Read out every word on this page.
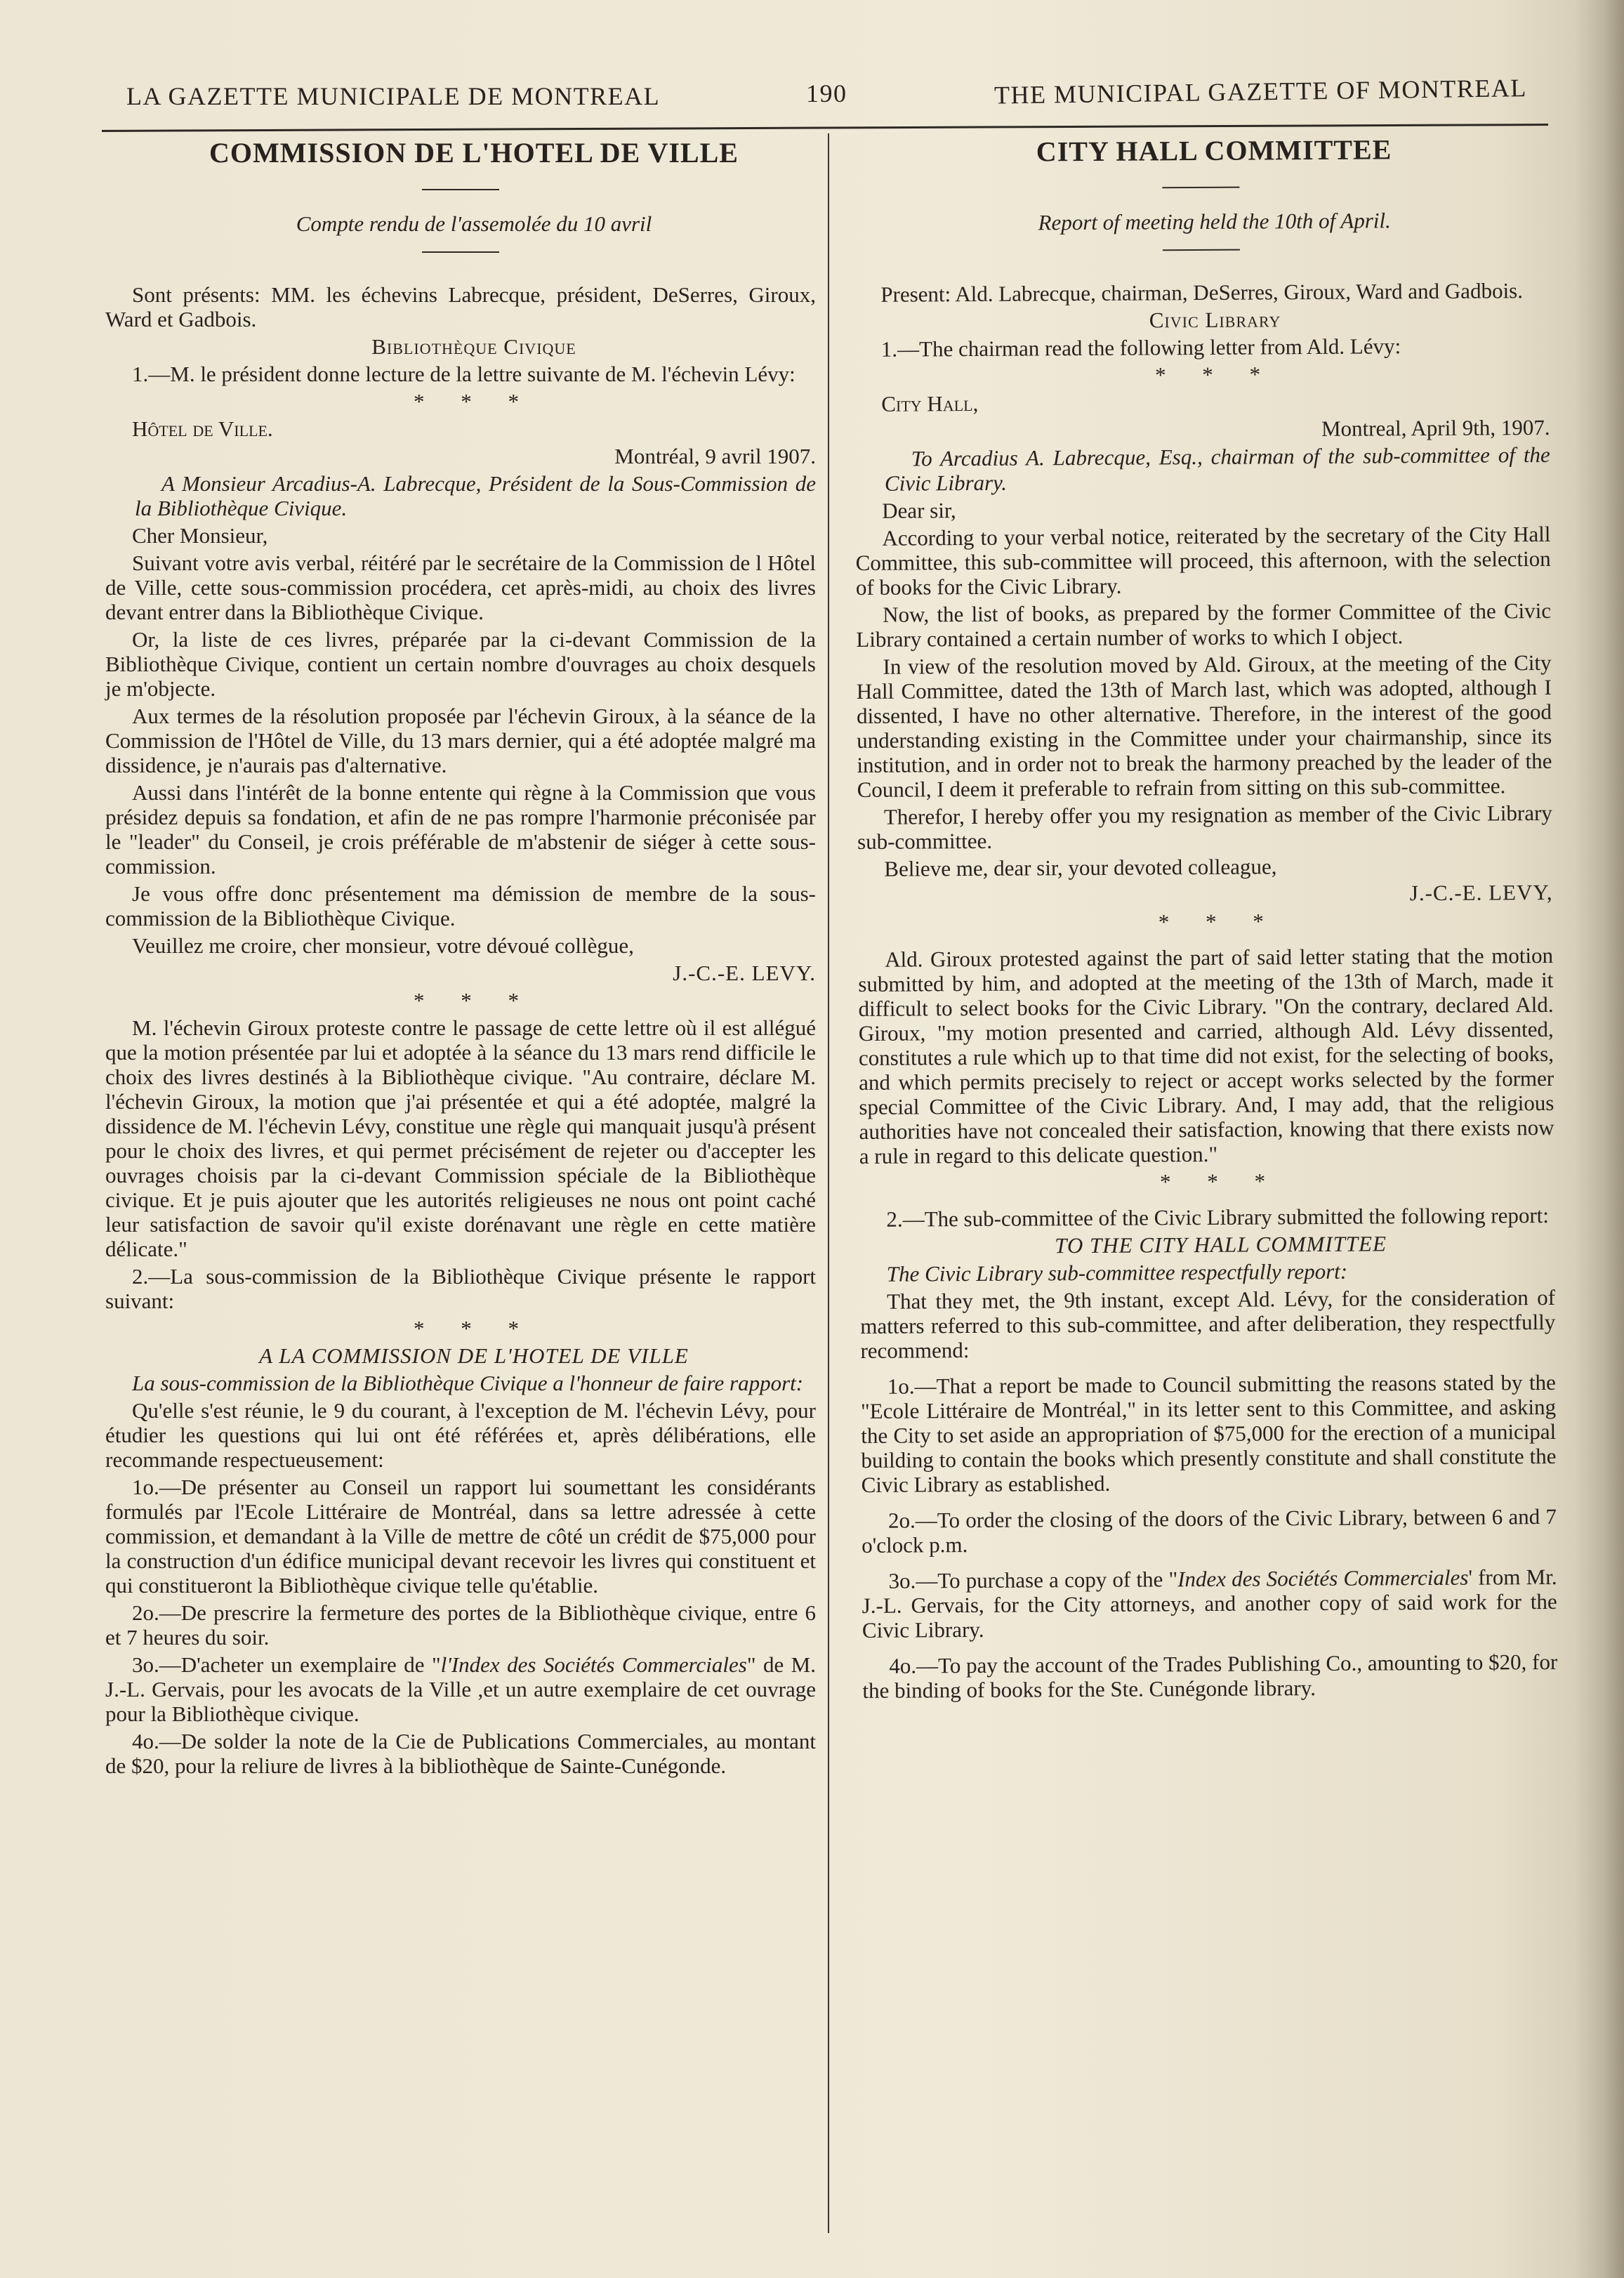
LA GAZETTE MUNICIPALE DE MONTREAL	190	THE MUNICIPAL GAZETTE OF MONTREAL

COMMISSION DE L'HOTEL DE VILLE

Compte rendu de l'assemolée du 10 avril

Sont présents: MM. les échevins Labrecque, président, DeSerres, Giroux, Ward et Gadbois.

Bibliothèque Civique

1.—M. le président donne lecture de la lettre suivante de M. l'échevin Lévy:

* * *

Hôtel de Ville.

Montréal, 9 avril 1907.

A Monsieur Arcadius-A. Labrecque, Président de la Sous-Commission de la Bibliothèque Civique.

Cher Monsieur,

Suivant votre avis verbal, réitéré par le secrétaire de la Commission de l Hôtel de Ville, cette sous-commission procédera, cet après-midi, au choix des livres devant entrer dans la Bibliothèque Civique.

Or, la liste de ces livres, préparée par la ci-devant Commission de la Bibliothèque Civique, contient un certain nombre d'ouvrages au choix desquels je m'objecte.

Aux termes de la résolution proposée par l'échevin Giroux, à la séance de la Commission de l'Hôtel de Ville, du 13 mars dernier, qui a été adoptée malgré ma dissidence, je n'aurais pas d'alternative.

Aussi dans l'intérêt de la bonne entente qui règne à la Commission que vous présidez depuis sa fondation, et afin de ne pas rompre l'harmonie préconisée par le "leader" du Conseil, je crois préférable de m'abstenir de siéger à cette sous-commission.

Je vous offre donc présentement ma démission de membre de la sous-commission de la Bibliothèque Civique.

Veuillez me croire, cher monsieur, votre dévoué collègue,

J.-C.-E. LEVY.

* * *

M. l'échevin Giroux proteste contre le passage de cette lettre où il est allégué que la motion présentée par lui et adoptée à la séance du 13 mars rend difficile le choix des livres destinés à la Bibliothèque civique. "Au contraire, déclare M. l'échevin Giroux, la motion que j'ai présentée et qui a été adoptée, malgré la dissidence de M. l'échevin Lévy, constitue une règle qui manquait jusqu'à présent pour le choix des livres, et qui permet précisément de rejeter ou d'accepter les ouvrages choisis par la ci-devant Commission spéciale de la Bibliothèque civique. Et je puis ajouter que les autorités religieuses ne nous ont point caché leur satisfaction de savoir qu'il existe dorénavant une règle en cette matière délicate."

2.—La sous-commission de la Bibliothèque Civique présente le rapport suivant:

* * *

A LA COMMISSION DE L'HOTEL DE VILLE

La sous-commission de la Bibliothèque Civique a l'honneur de faire rapport:

Qu'elle s'est réunie, le 9 du courant, à l'exception de M. l'échevin Lévy, pour étudier les questions qui lui ont été référées et, après délibérations, elle recommande respectueusement:

1o.—De présenter au Conseil un rapport lui soumettant les considérants formulés par l'Ecole Littéraire de Montréal, dans sa lettre adressée à cette commission, et demandant à la Ville de mettre de côté un crédit de $75,000 pour la construction d'un édifice municipal devant recevoir les livres qui constituent et qui constitueront la Bibliothèque civique telle qu'établie.

2o.—De prescrire la fermeture des portes de la Bibliothèque civique, entre 6 et 7 heures du soir.

3o.—D'acheter un exemplaire de "l'Index des Sociétés Commerciales" de M. J.-L. Gervais, pour les avocats de la Ville ,et un autre exemplaire de cet ouvrage pour la Bibliothèque civique.

4o.—De solder la note de la Cie de Publications Commerciales, au montant de $20, pour la reliure de livres à la bibliothèque de Sainte-Cunégonde.

CITY HALL COMMITTEE

Report of meeting held the 10th of April.

Present: Ald. Labrecque, chairman, DeSerres, Giroux, Ward and Gadbois.

Civic Library

1.—The chairman read the following letter from Ald. Lévy:

* * *

City Hall,

Montreal, April 9th, 1907.

To Arcadius A. Labrecque, Esq., chairman of the sub-committee of the Civic Library.

Dear sir,

According to your verbal notice, reiterated by the secretary of the City Hall Committee, this sub-committee will proceed, this afternoon, with the selection of books for the Civic Library.

Now, the list of books, as prepared by the former Committee of the Civic Library contained a certain number of works to which I object.

In view of the resolution moved by Ald. Giroux, at the meeting of the City Hall Committee, dated the 13th of March last, which was adopted, although I dissented, I have no other alternative. Therefore, in the interest of the good understanding existing in the Committee under your chairmanship, since its institution, and in order not to break the harmony preached by the leader of the Council, I deem it preferable to refrain from sitting on this sub-committee.

Therefor, I hereby offer you my resignation as member of the Civic Library sub-committee.

Believe me, dear sir, your devoted colleague,

J.-C.-E. LEVY,

* * *

Ald. Giroux protested against the part of said letter stating that the motion submitted by him, and adopted at the meeting of the 13th of March, made it difficult to select books for the Civic Library. "On the contrary, declared Ald. Giroux, "my motion presented and carried, although Ald. Lévy dissented, constitutes a rule which up to that time did not exist, for the selecting of books, and which permits precisely to reject or accept works selected by the former special Committee of the Civic Library. And, I may add, that the religious authorities have not concealed their satisfaction, knowing that there exists now a rule in regard to this delicate question."

* * *

2.—The sub-committee of the Civic Library submitted the following report:

TO THE CITY HALL COMMITTEE

The Civic Library sub-committee respectfully report:

That they met, the 9th instant, except Ald. Lévy, for the consideration of matters referred to this sub-committee, and after deliberation, they respectfully recommend:

1o.—That a report be made to Council submitting the reasons stated by the "Ecole Littéraire de Montréal," in its letter sent to this Committee, and asking the City to set aside an appropriation of $75,000 for the erection of a municipal building to contain the books which presently constitute and shall constitute the Civic Library as established.

2o.—To order the closing of the doors of the Civic Library, between 6 and 7 o'clock p.m.

3o.—To purchase a copy of the "Index des Sociétés Commerciales' from Mr. J.-L. Gervais, for the City attorneys, and another copy of said work for the Civic Library.

4o.—To pay the account of the Trades Publishing Co., amounting to $20, for the binding of books for the Ste. Cunégonde library.
